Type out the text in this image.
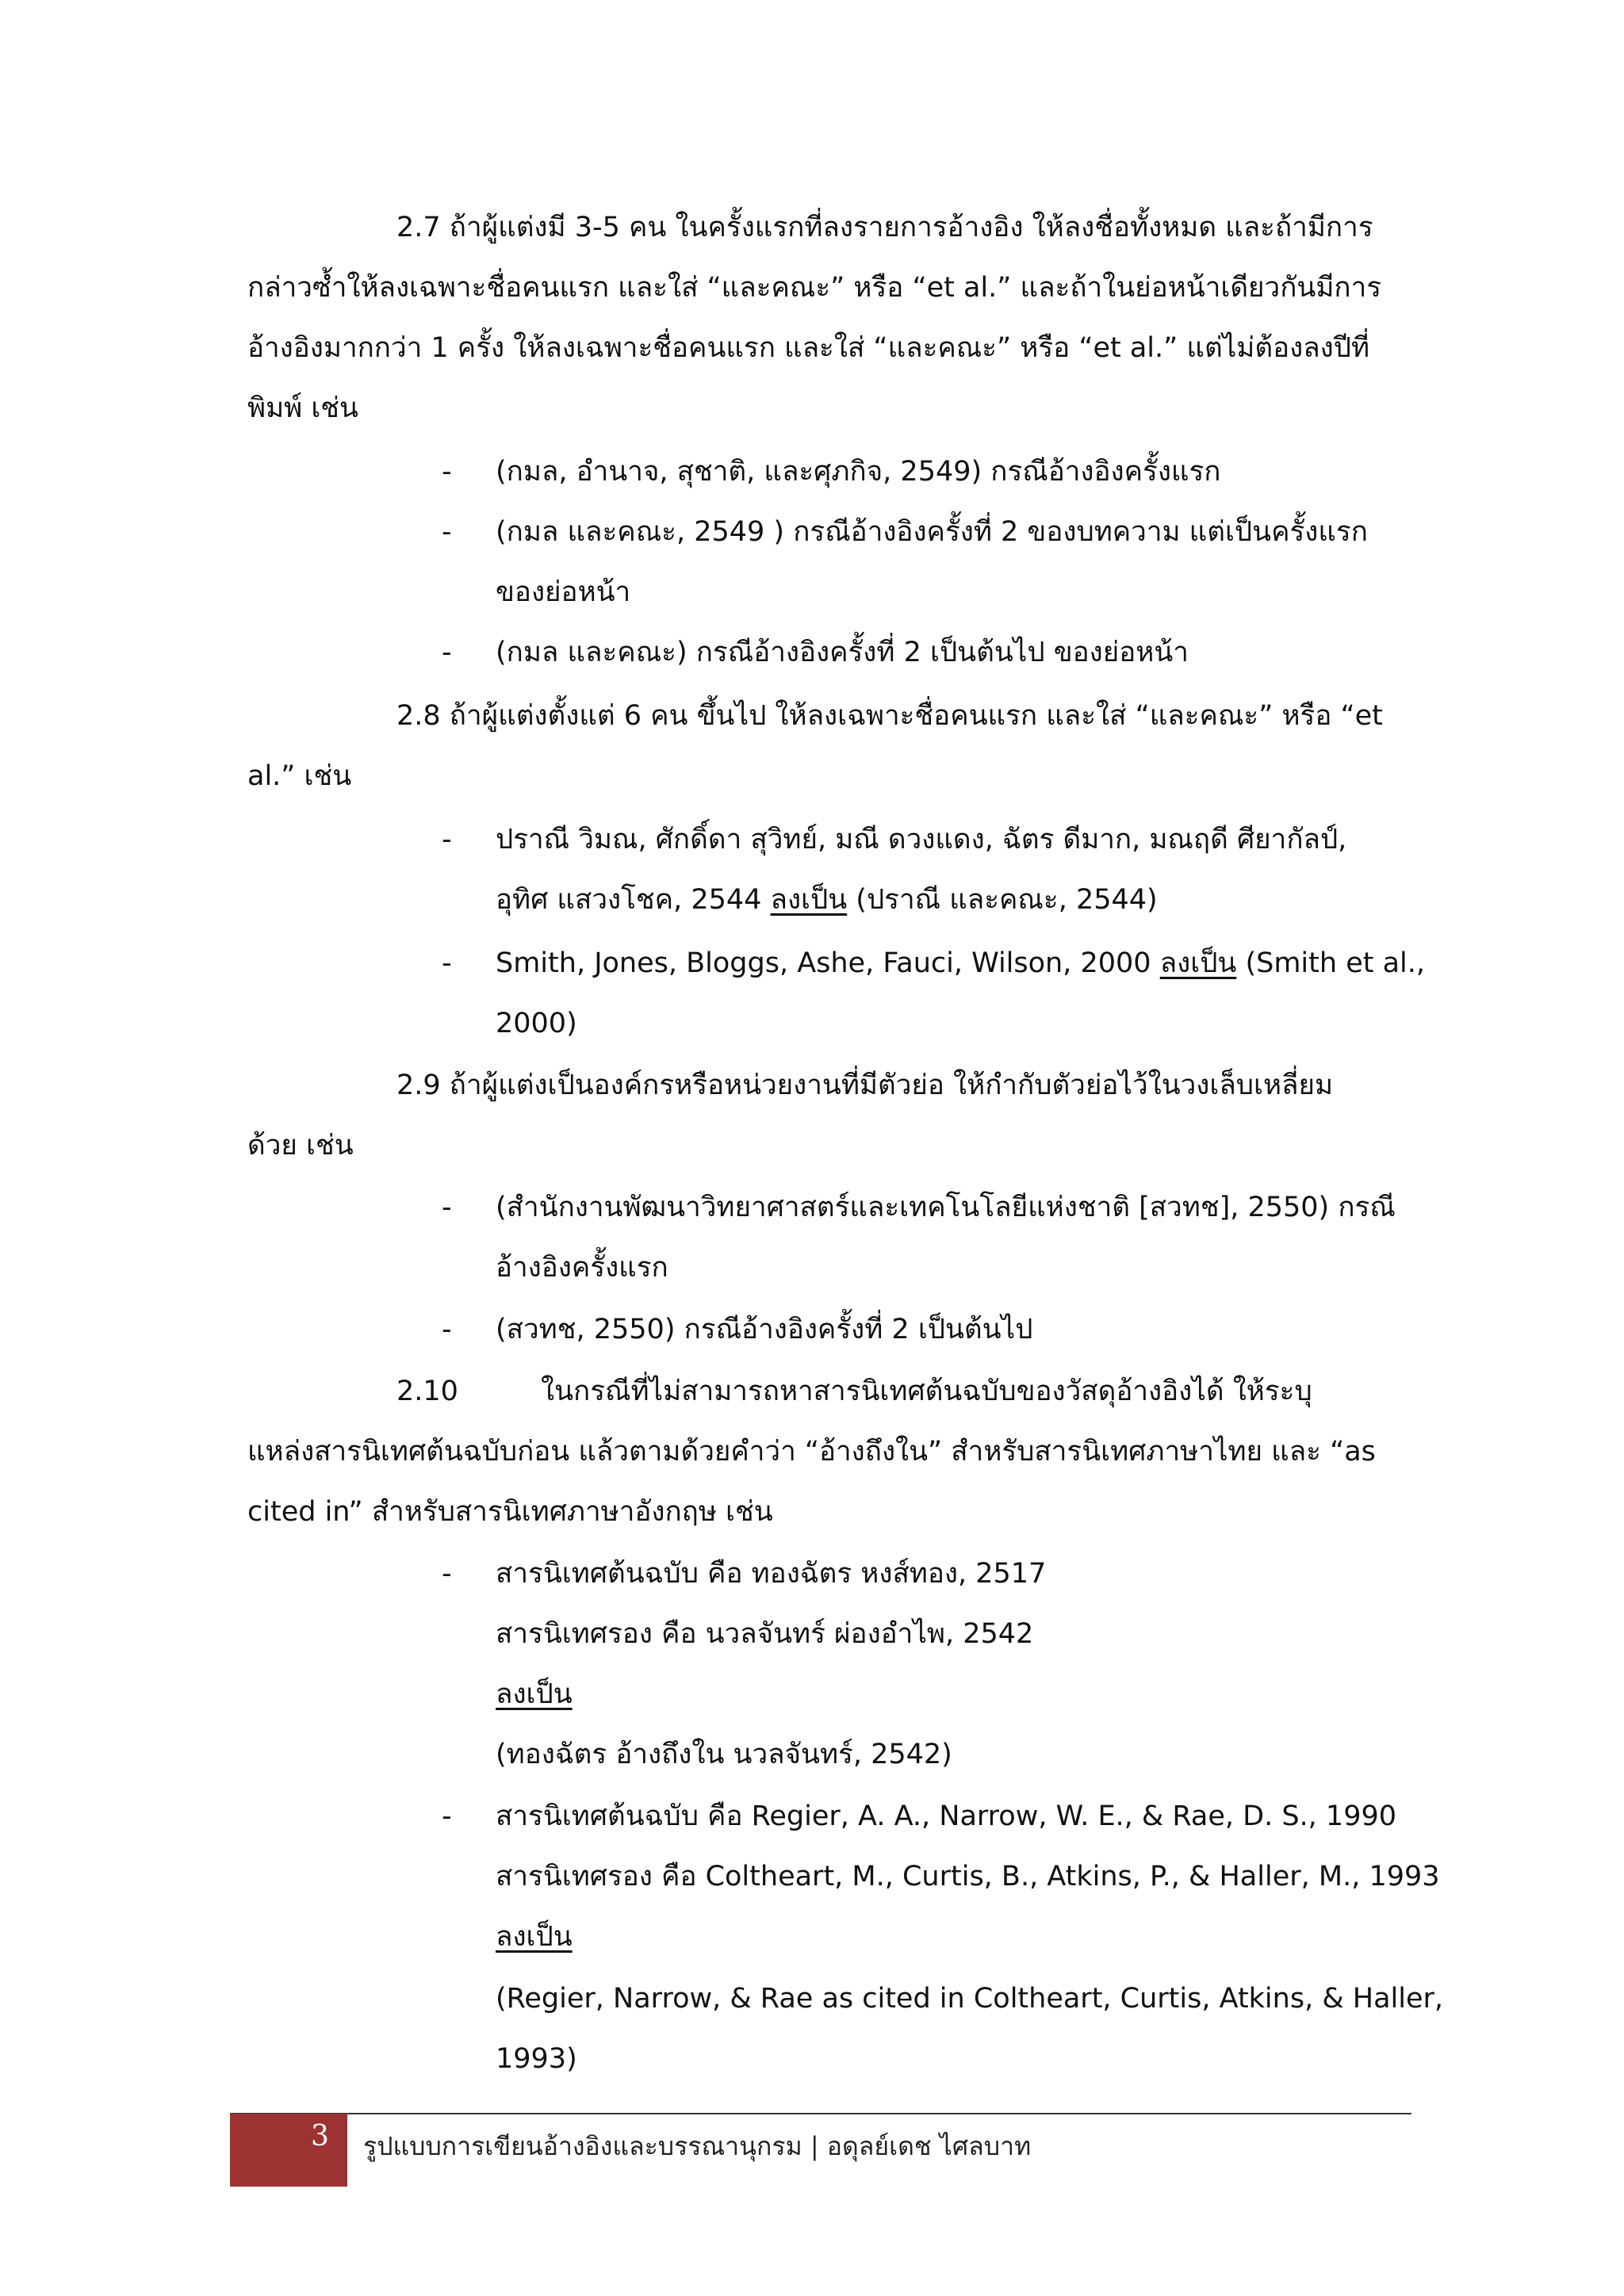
2.7 ถ้าผู้แต่งมี 3-5 คน ในครั้งแรกที่ลงรายการอ้างอิง ให้ลงชื่อทั้งหมด และถ้ามีการ
กล่าวซ้ำให้ลงเฉพาะชื่อคนแรก และใส่ “และคณะ” หรือ “et al.” และถ้าในย่อหน้าเดียวกันมีการ
อ้างอิงมากกว่า 1 ครั้ง ให้ลงเฉพาะชื่อคนแรก และใส่ “และคณะ” หรือ “et al.” แต่ไม่ต้องลงปีที่
พิมพ์ เช่น
- (กมล, อำนาจ, สุชาติ, และศุภกิจ, 2549) กรณีอ้างอิงครั้งแรก
- (กมล และคณะ, 2549 ) กรณีอ้างอิงครั้งที่ 2 ของบทความ แต่เป็นครั้งแรก
ของย่อหน้า
- (กมล และคณะ) กรณีอ้างอิงครั้งที่ 2 เป็นต้นไป ของย่อหน้า
2.8 ถ้าผู้แต่งตั้งแต่ 6 คน ขึ้นไป ให้ลงเฉพาะชื่อคนแรก และใส่ “และคณะ” หรือ “et
al.” เช่น
- ปราณี วิมณ, ศักดิ์ดา สุวิทย์, มณี ดวงแดง, ฉัตร ดีมาก, มณฤดี ศียากัลป์,
อุทิศ แสวงโชค, 2544 ลงเป็น (ปราณี และคณะ, 2544)
- Smith, Jones, Bloggs, Ashe, Fauci, Wilson, 2000 ลงเป็น (Smith et al.,
2000)
2.9 ถ้าผู้แต่งเป็นองค์กรหรือหน่วยงานที่มีตัวย่อ ให้กำกับตัวย่อไว้ในวงเล็บเหลี่ยม
ด้วย เช่น
- (สำนักงานพัฒนาวิทยาศาสตร์และเทคโนโลยีแห่งชาติ [สวทช], 2550) กรณี
อ้างอิงครั้งแรก
- (สวทช, 2550) กรณีอ้างอิงครั้งที่ 2 เป็นต้นไป
2.10	ในกรณีที่ไม่สามารถหาสารนิเทศต้นฉบับของวัสดุอ้างอิงได้ ให้ระบุ
แหล่งสารนิเทศต้นฉบับก่อน แล้วตามด้วยคำว่า “อ้างถึงใน” สำหรับสารนิเทศภาษาไทย และ “as
cited in” สำหรับสารนิเทศภาษาอังกฤษ เช่น
- สารนิเทศต้นฉบับ คือ ทองฉัตร หงส์ทอง, 2517
สารนิเทศรอง คือ นวลจันทร์ ผ่องอำไพ, 2542
ลงเป็น
(ทองฉัตร อ้างถึงใน นวลจันทร์, 2542)
- สารนิเทศต้นฉบับ คือ Regier, A. A., Narrow, W. E., & Rae, D. S., 1990
สารนิเทศรอง คือ Coltheart, M., Curtis, B., Atkins, P., & Haller, M., 1993
ลงเป็น
(Regier, Narrow, & Rae as cited in Coltheart, Curtis, Atkins, & Haller,
1993)
3 รูปแบบการเขียนอ้างอิงและบรรณานุกรม | อดุลย์เดช ไศลบาท
